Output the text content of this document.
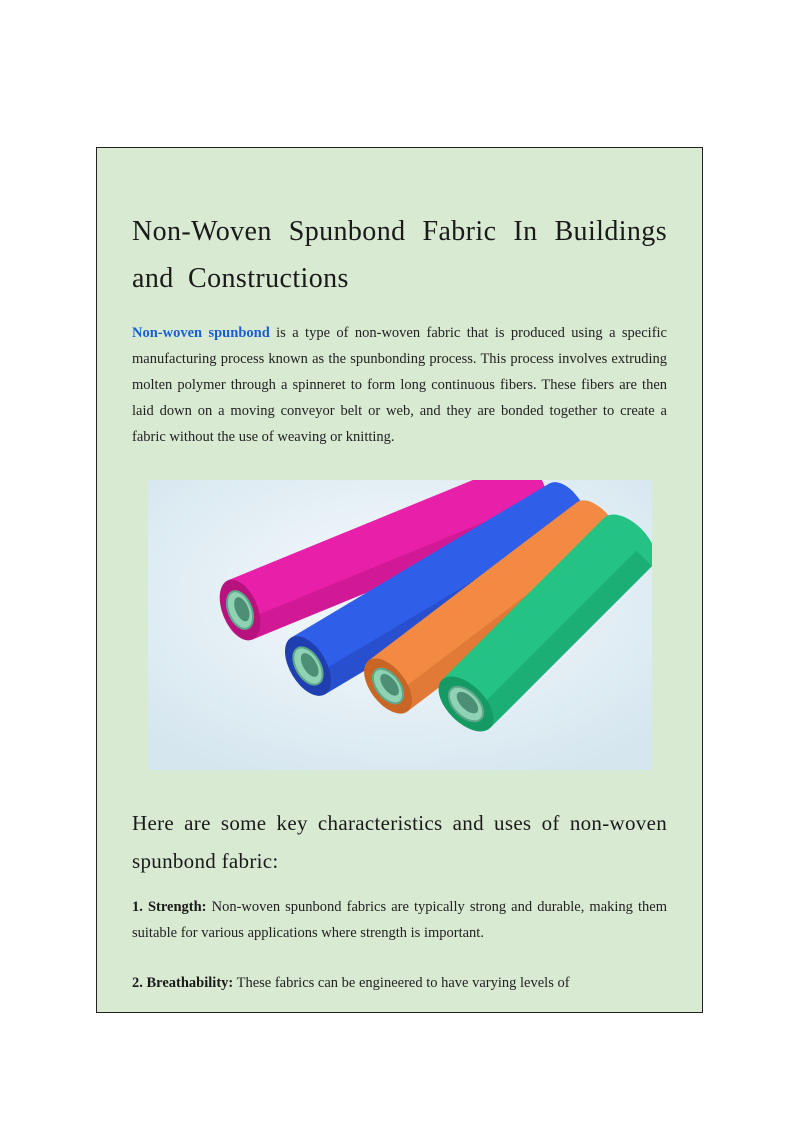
Non-Woven Spunbond Fabric In Buildings and Constructions

Non-woven spunbond is a type of non-woven fabric that is produced using a specific manufacturing process known as the spunbonding process. This process involves extruding molten polymer through a spinneret to form long continuous fibers. These fibers are then laid down on a moving conveyor belt or web, and they are bonded together to create a fabric without the use of weaving or knitting.

Here are some key characteristics and uses of non-woven spunbond fabric:

1. Strength: Non-woven spunbond fabrics are typically strong and durable, making them suitable for various applications where strength is important.

2. Breathability: These fabrics can be engineered to have varying levels of
